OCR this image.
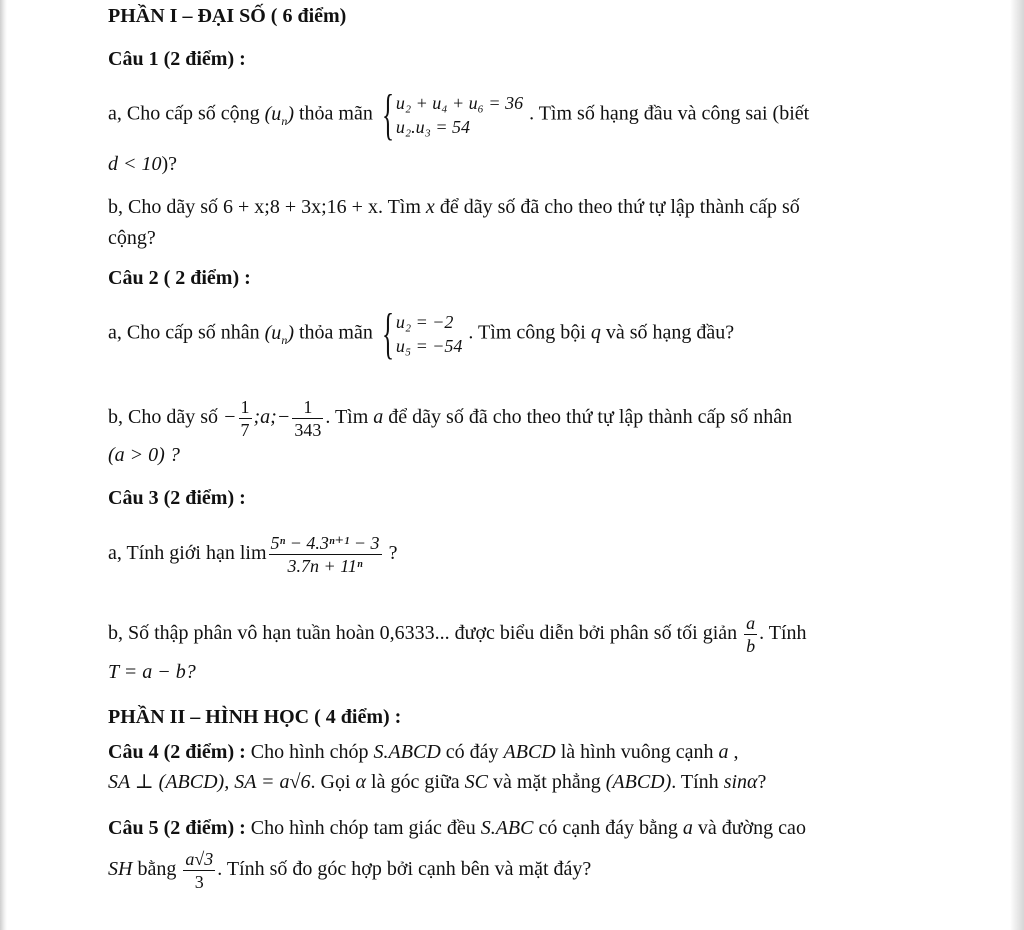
PHẦN I – ĐẠI SỐ ( 6 điểm)
Câu 1 (2 điểm) :
a, Cho cấp số cộng $(u_n)$ thỏa mãn { u₂ + u₄ + u₆ = 36
u₂.u₃ = 54
. Tìm số hạng đầu và công sai (biết
d < 10)?
b, Cho dãy số 6 + x;8 + 3x;16 + x. Tìm x để dãy số đã cho theo thứ tự lập thành cấp số
cộng?
Câu 2 ( 2 điểm) :
a, Cho cấp số nhân $(u_n)$ thỏa mãn { u₂ = −2
u₅ = −54
. Tìm công bội q và số hạng đầu?
b, Cho dãy số − $\frac{1}{7}$ ;a;− $\frac{1}{343}$ . Tìm a để dãy số đã cho theo thứ tự lập thành cấp số nhân
(a > 0) ?
Câu 3 (2 điểm) :
a, Tính giới hạn $\lim \frac{\text{5ⁿ − 4.3ⁿ⁺¹ − 3}}{\text{3.7n + 11ⁿ}}$ ?
b, Số thập phân vô hạn tuần hoàn 0,6333... được biểu diễn bởi phân số tối giản $\frac{a}{b}$ . Tính
T = a − b?
PHẦN II – HÌNH HỌC ( 4 điểm) :
Câu 4 (2 điểm) : Cho hình chóp S.ABCD có đáy ABCD là hình vuông cạnh a ,
SA ⊥ (ABCD), SA = a√6. Gọi α là góc giữa SC và mặt phẳng (ABCD). Tính sinα?
Câu 5 (2 điểm) : Cho hình chóp tam giác đều S.ABC có cạnh đáy bằng a và đường cao
SH bằng $\frac{a√3}{3}$ . Tính số đo góc hợp bởi cạnh bên và mặt đáy?
